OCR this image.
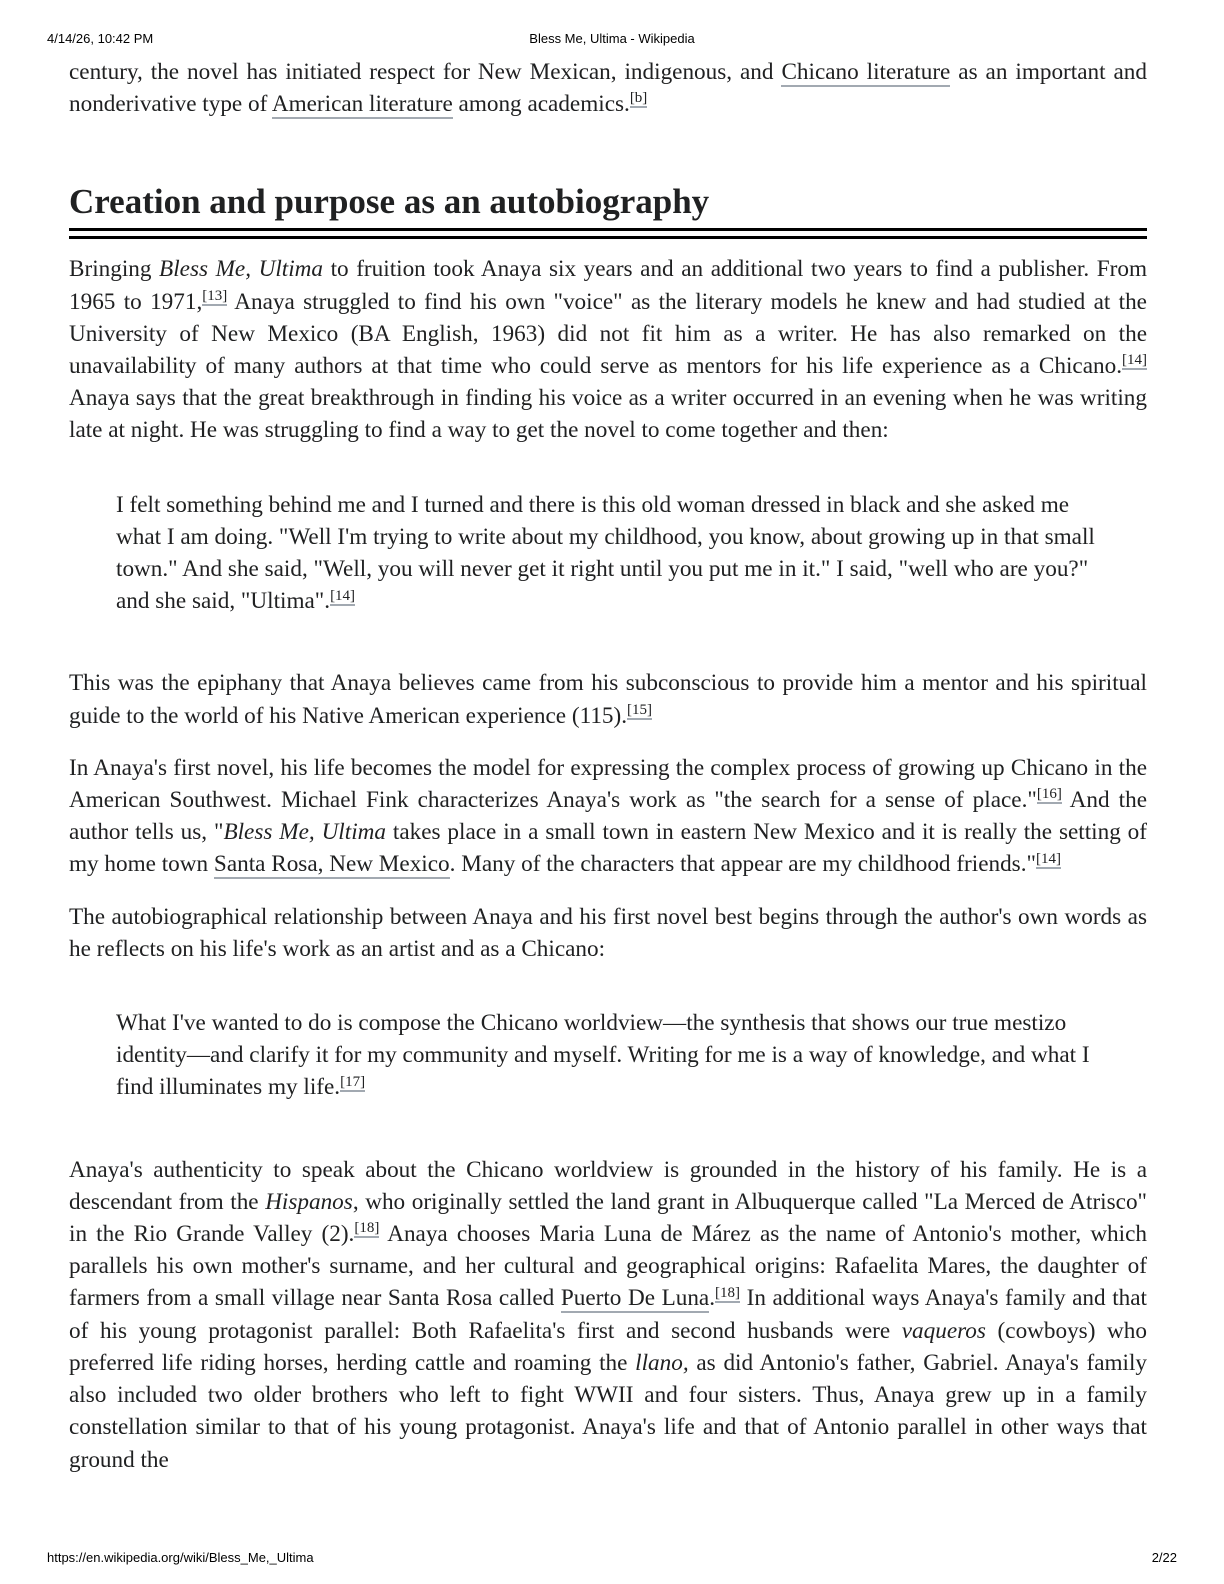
4/14/26, 10:42 PM	Bless Me, Ultima - Wikipedia

century, the novel has initiated respect for New Mexican, indigenous, and Chicano literature as an important and nonderivative type of American literature among academics.[b]

Creation and purpose as an autobiography

Bringing Bless Me, Ultima to fruition took Anaya six years and an additional two years to find a publisher. From 1965 to 1971,[13] Anaya struggled to find his own "voice" as the literary models he knew and had studied at the University of New Mexico (BA English, 1963) did not fit him as a writer. He has also remarked on the unavailability of many authors at that time who could serve as mentors for his life experience as a Chicano.[14] Anaya says that the great breakthrough in finding his voice as a writer occurred in an evening when he was writing late at night. He was struggling to find a way to get the novel to come together and then:

I felt something behind me and I turned and there is this old woman dressed in black and she asked me what I am doing. "Well I'm trying to write about my childhood, you know, about growing up in that small town." And she said, "Well, you will never get it right until you put me in it." I said, "well who are you?" and she said, "Ultima".[14]

This was the epiphany that Anaya believes came from his subconscious to provide him a mentor and his spiritual guide to the world of his Native American experience (115).[15]

In Anaya's first novel, his life becomes the model for expressing the complex process of growing up Chicano in the American Southwest. Michael Fink characterizes Anaya's work as "the search for a sense of place."[16] And the author tells us, "Bless Me, Ultima takes place in a small town in eastern New Mexico and it is really the setting of my home town Santa Rosa, New Mexico. Many of the characters that appear are my childhood friends."[14]

The autobiographical relationship between Anaya and his first novel best begins through the author's own words as he reflects on his life's work as an artist and as a Chicano:

What I've wanted to do is compose the Chicano worldview—the synthesis that shows our true mestizo identity—and clarify it for my community and myself. Writing for me is a way of knowledge, and what I find illuminates my life.[17]

Anaya's authenticity to speak about the Chicano worldview is grounded in the history of his family. He is a descendant from the Hispanos, who originally settled the land grant in Albuquerque called "La Merced de Atrisco" in the Rio Grande Valley (2).[18] Anaya chooses Maria Luna de Márez as the name of Antonio's mother, which parallels his own mother's surname, and her cultural and geographical origins: Rafaelita Mares, the daughter of farmers from a small village near Santa Rosa called Puerto De Luna.[18] In additional ways Anaya's family and that of his young protagonist parallel: Both Rafaelita's first and second husbands were vaqueros (cowboys) who preferred life riding horses, herding cattle and roaming the llano, as did Antonio's father, Gabriel. Anaya's family also included two older brothers who left to fight WWII and four sisters. Thus, Anaya grew up in a family constellation similar to that of his young protagonist. Anaya's life and that of Antonio parallel in other ways that ground the

https://en.wikipedia.org/wiki/Bless_Me,_Ultima	2/22
